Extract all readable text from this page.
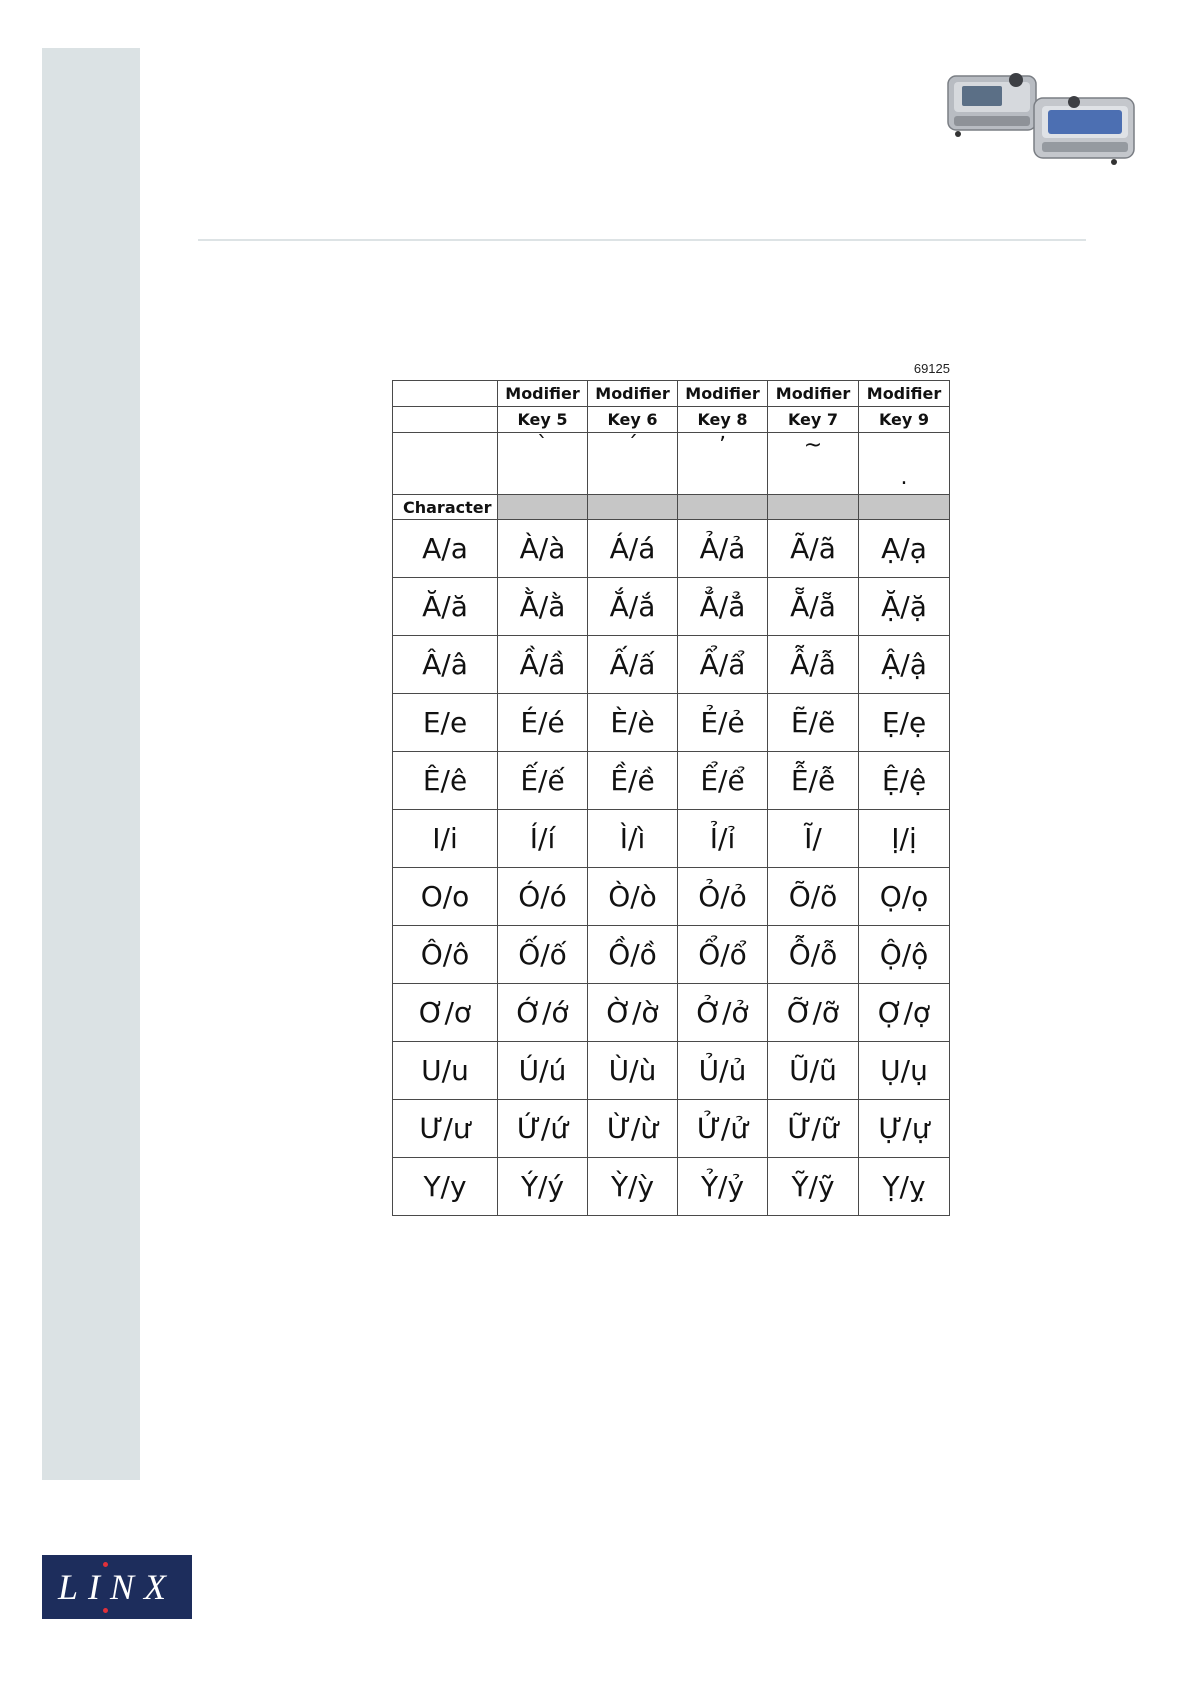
69125
	Modifier	Modifier	Modifier	Modifier	Modifier
	Key 5	Key 6	Key 8	Key 7	Key 9
	`	´	ʼ	~	.
Character					
A/a	À/à	Á/á	Ả/ả	Ã/ã	Ạ/ạ
Ă/ă	Ằ/ằ	Ắ/ắ	Ẳ/ẳ	Ẵ/ẵ	Ặ/ặ
Â/â	Ầ/ầ	Ấ/ấ	Ẩ/ẩ	Ẫ/ẫ	Ậ/ậ
E/e	É/é	È/è	Ẻ/ẻ	Ẽ/ẽ	Ẹ/ẹ
Ê/ê	Ế/ế	Ề/ề	Ể/ể	Ễ/ễ	Ệ/ệ
I/i	Í/í	Ì/ì	Ỉ/ỉ	Ĩ/	Ị/ị
O/o	Ó/ó	Ò/ò	Ỏ/ỏ	Õ/õ	Ọ/ọ
Ô/ô	Ố/ố	Ồ/ồ	Ổ/ổ	Ỗ/ỗ	Ộ/ộ
Ơ/ơ	Ớ/ớ	Ờ/ờ	Ở/ở	Ỡ/ỡ	Ợ/ợ
U/u	Ú/ú	Ù/ù	Ủ/ủ	Ũ/ũ	Ụ/ụ
Ư/ư	Ứ/ứ	Ừ/ừ	Ử/ử	Ữ/ữ	Ự/ự
Y/y	Ý/ý	Ỳ/ỳ	Ỷ/ỷ	Ỹ/ỹ	Ỵ/ỵ
LINX
